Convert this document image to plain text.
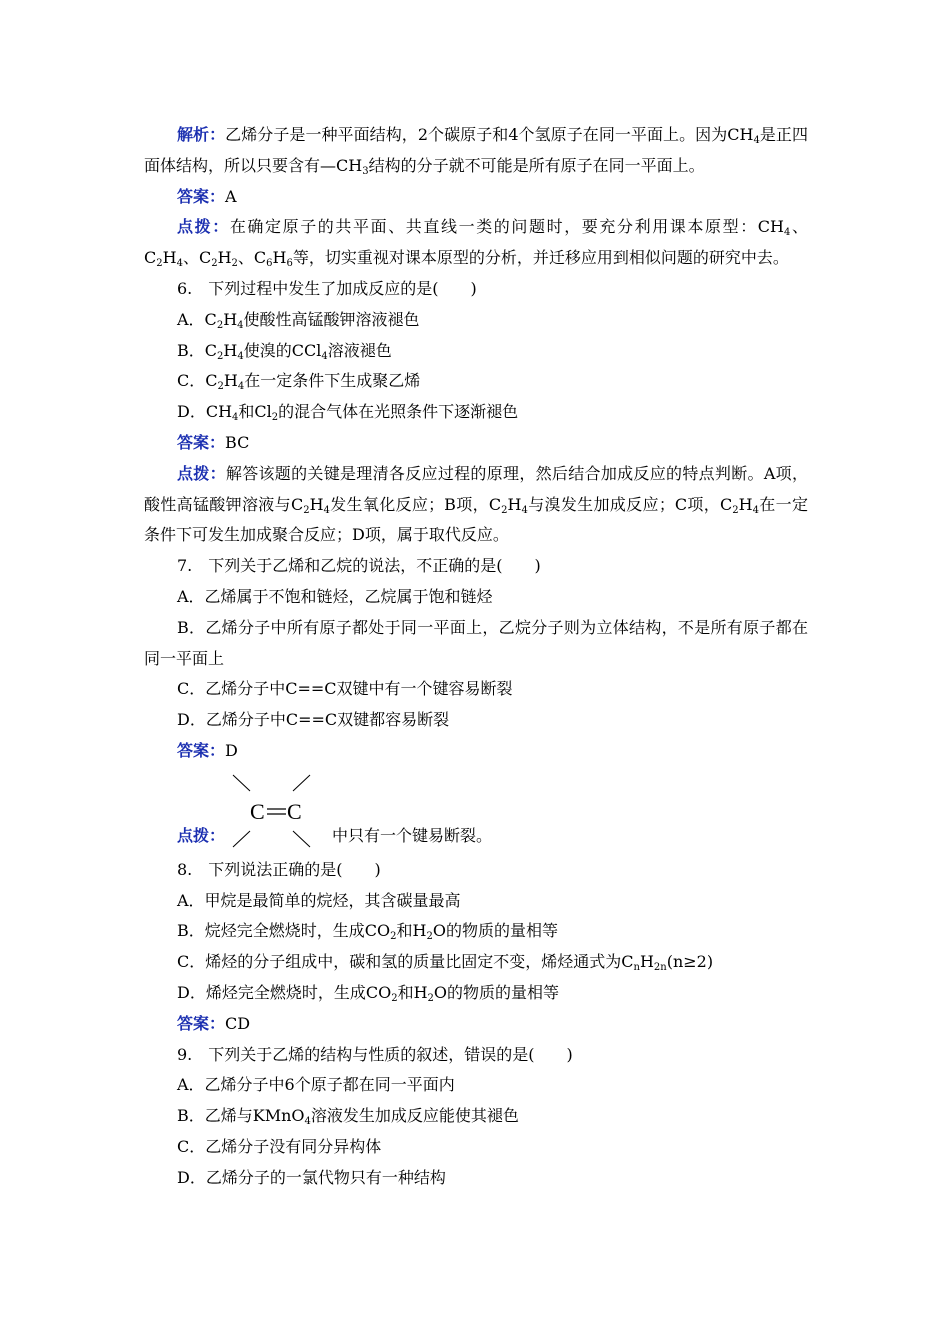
解析：乙烯分子是一种平面结构，2个碳原子和4个氢原子在同一平面上。因为$CH_4$是正四面体结构，所以只要含有$—CH_3$结构的分子就不可能是所有原子在同一平面上。

答案：A

点拨：在确定原子的共平面、共直线一类的问题时，要充分利用课本原型：$CH_4$、$C_2H_4$、$C_2H_2$、$C_6H_6$等，切实重视对课本原型的分析，并迁移应用到相似问题的研究中去。

6.　下列过程中发生了加成反应的是(　　)

A．$C_2H_4$使酸性高锰酸钾溶液褪色

B．$C_2H_4$使溴的CCl$_4$溶液褪色

C．$C_2H_4$在一定条件下生成聚乙烯

D．$CH_4$和$Cl_2$的混合气体在光照条件下逐渐褪色

答案：BC

点拨：解答该题的关键是理清各反应过程的原理，然后结合加成反应的特点判断。A项，酸性高锰酸钾溶液与$C_2H_4$发生氧化反应；B项，$C_2H_4$与溴发生加成反应；C项，$C_2H_4$在一定条件下可发生加成聚合反应；D项，属于取代反应。

7.　下列关于乙烯和乙烷的说法，不正确的是(　　)

A．乙烯属于不饱和链烃，乙烷属于饱和链烃

B．乙烯分子中所有原子都处于同一平面上，乙烷分子则为立体结构，不是所有原子都在同一平面上

C．乙烯分子中C==C双键中有一个键容易断裂

D．乙烯分子中C==C双键都容易断裂

答案：D

点拨：
C C
中只有一个键易断裂。

8.　下列说法正确的是(　　)

A．甲烷是最简单的烷烃，其含碳量最高

B．烷烃完全燃烧时，生成$CO_2$和$H_2O$的物质的量相等

C．烯烃的分子组成中，碳和氢的质量比固定不变，烯烃通式为$C_nH_{2n}(n\ge 2)$

D．烯烃完全燃烧时，生成$CO_2$和$H_2O$的物质的量相等

答案：CD

9.　下列关于乙烯的结构与性质的叙述，错误的是(　　)

A．乙烯分子中6个原子都在同一平面内

B．乙烯与KMnO$_4$溶液发生加成反应能使其褪色

C．乙烯分子没有同分异构体

D．乙烯分子的一氯代物只有一种结构
